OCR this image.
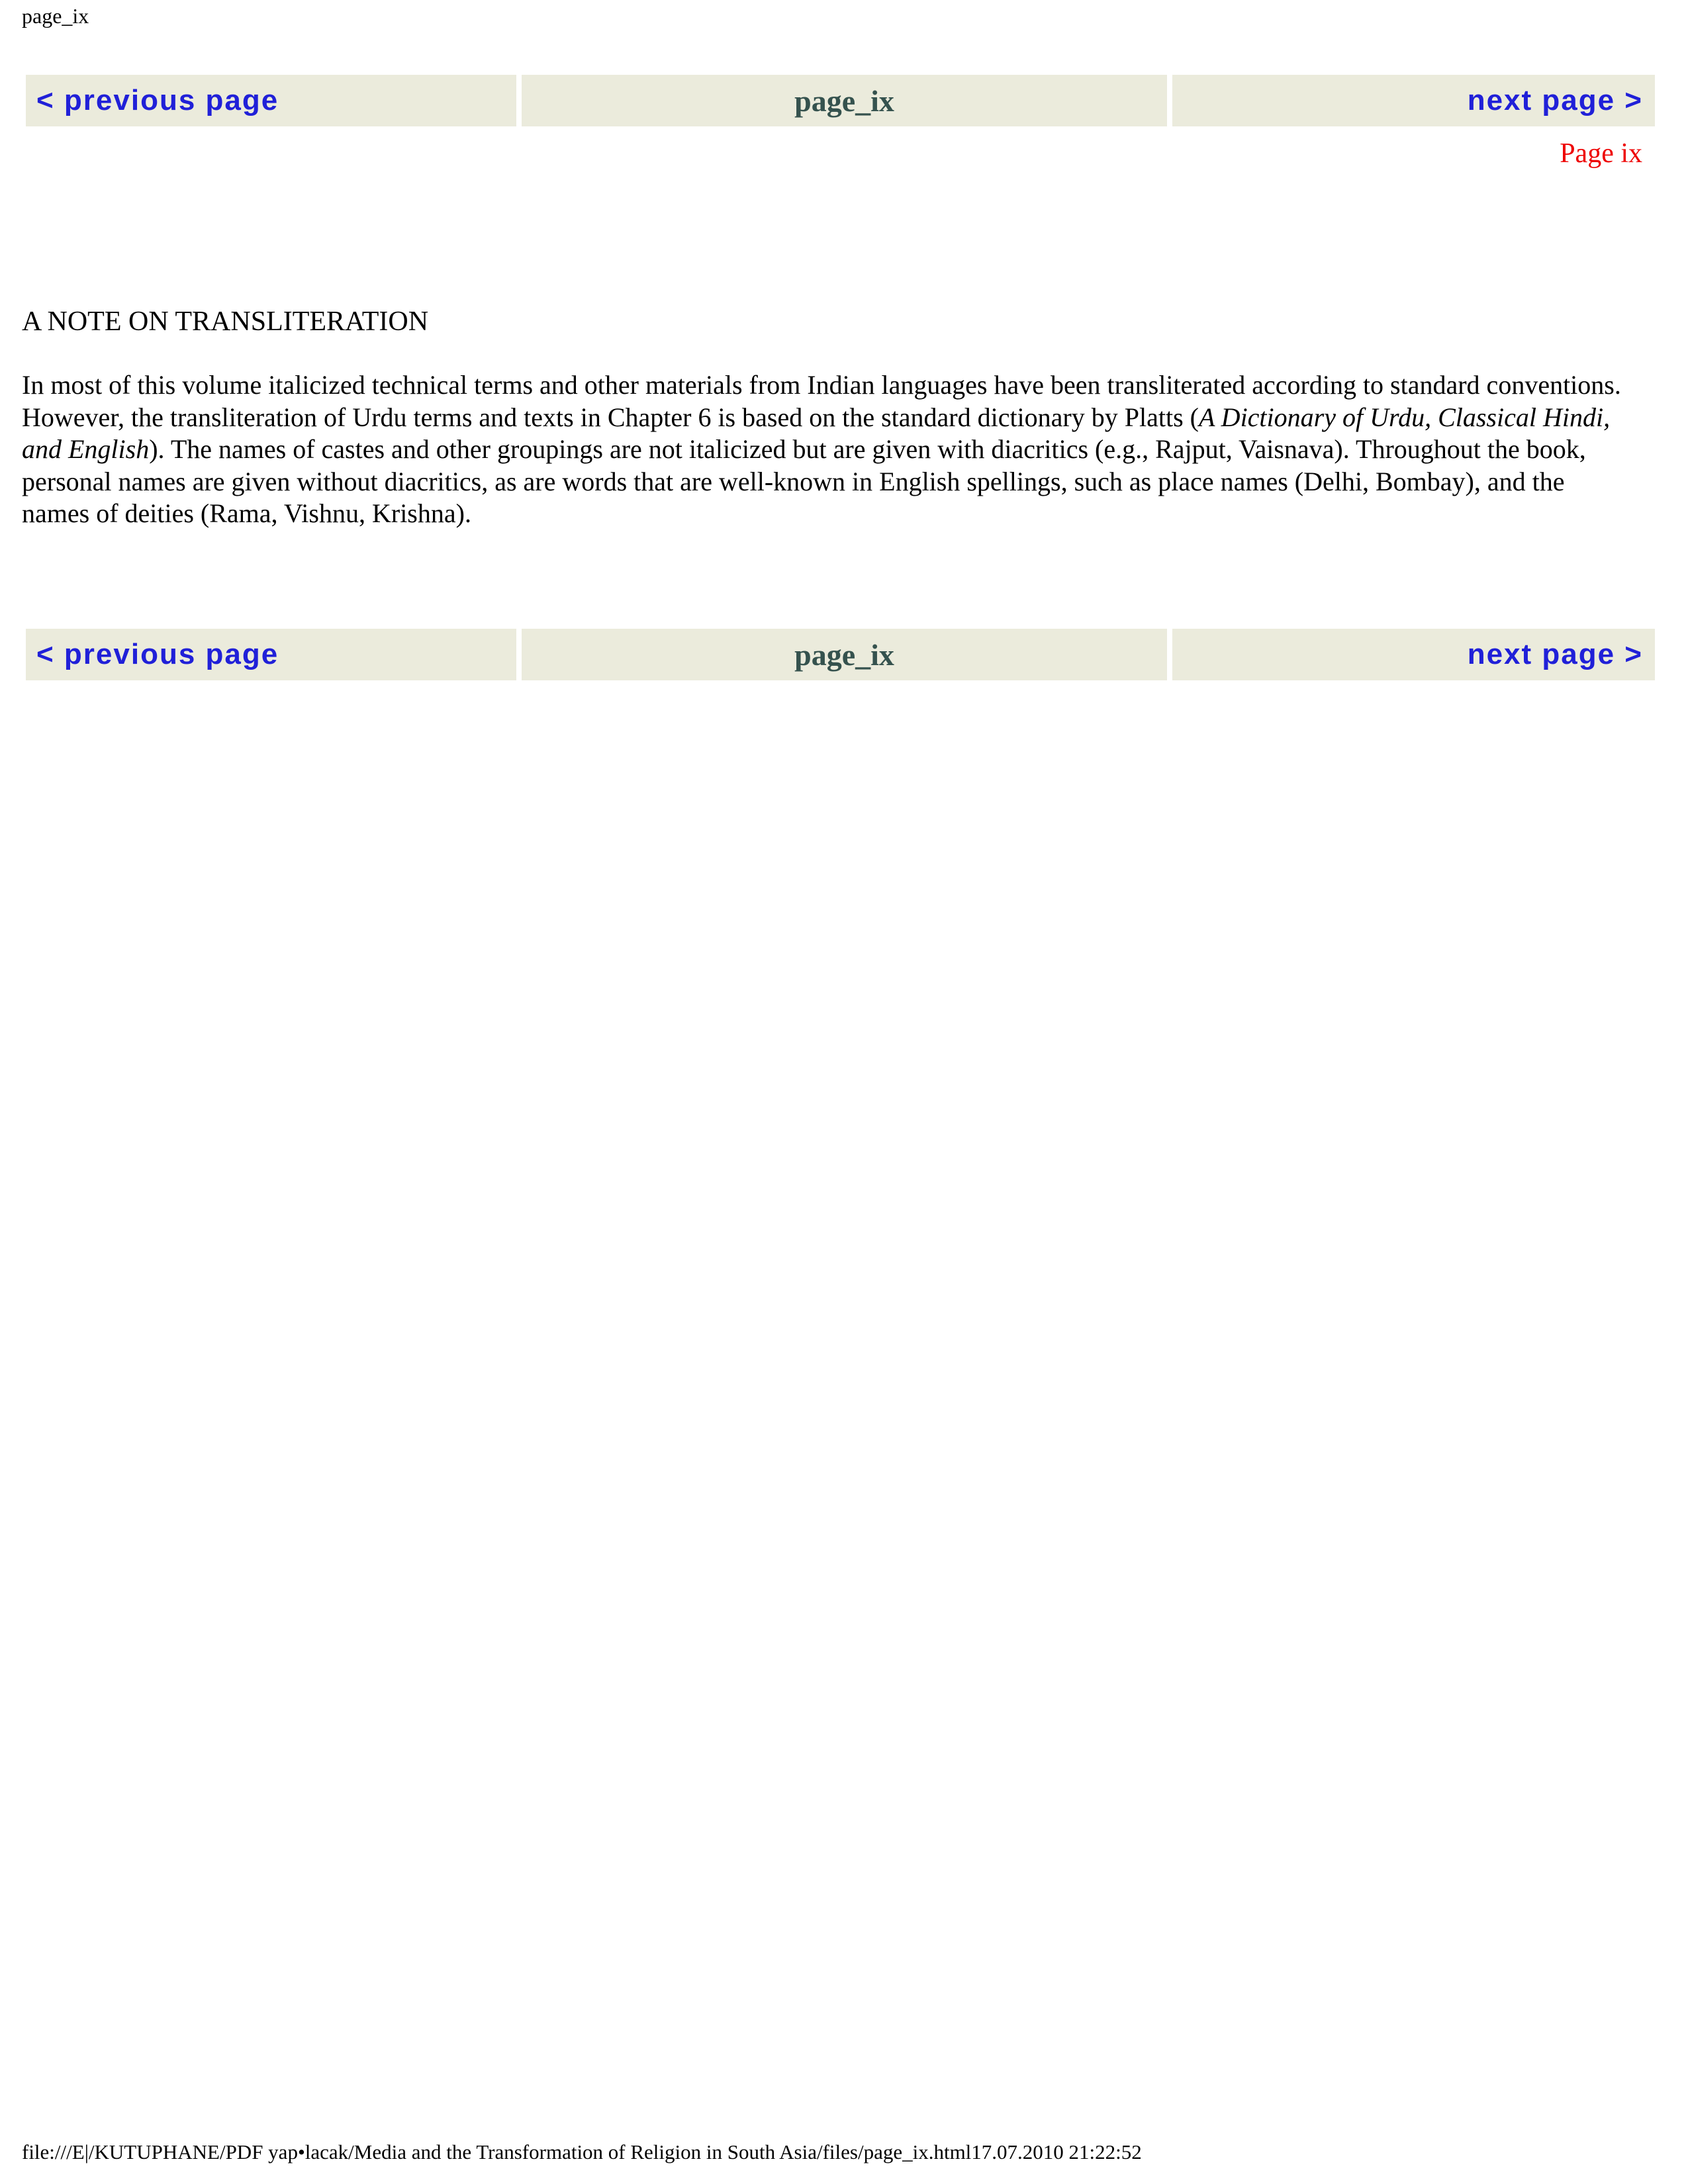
page_ix
< previous page	page_ix	next page >
Page ix
A NOTE ON TRANSLITERATION
In most of this volume italicized technical terms and other materials from Indian languages have been transliterated according to standard conventions. However, the transliteration of Urdu terms and texts in Chapter 6 is based on the standard dictionary by Platts (A Dictionary of Urdu, Classical Hindi, and English). The names of castes and other groupings are not italicized but are given with diacritics (e.g., Rajput, Vaisnava). Throughout the book, personal names are given without diacritics, as are words that are well-known in English spellings, such as place names (Delhi, Bombay), and the names of deities (Rama, Vishnu, Krishna).
< previous page	page_ix	next page >
file:///E|/KUTUPHANE/PDF yap•lacak/Media and the Transformation of Religion in South Asia/files/page_ix.html17.07.2010 21:22:52
